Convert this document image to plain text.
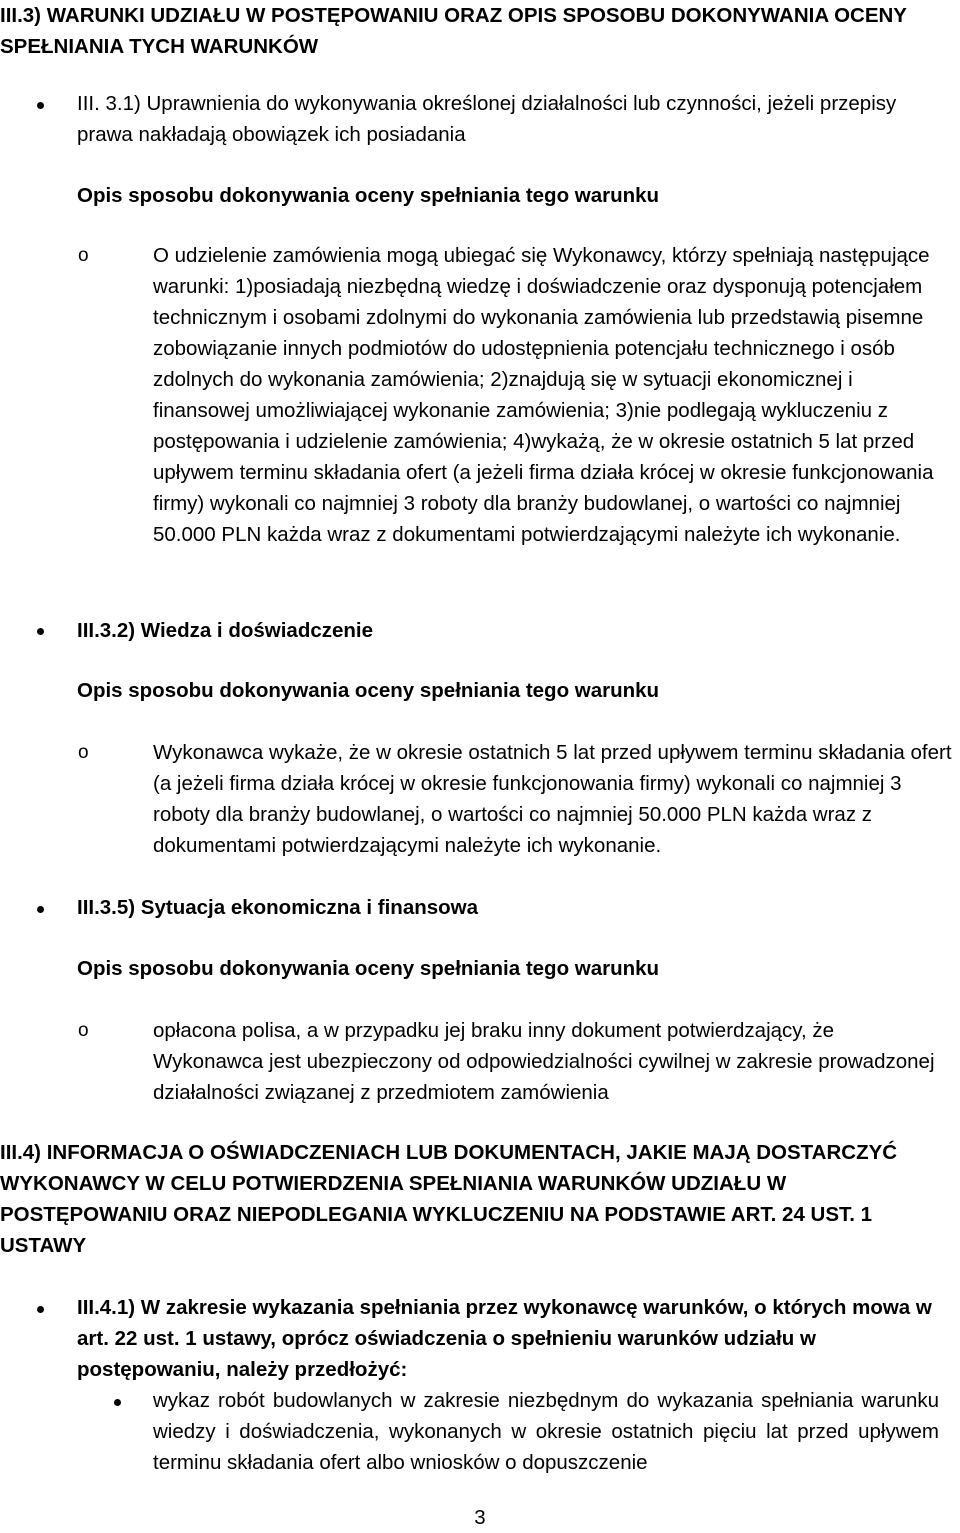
III.3) WARUNKI UDZIAŁU W POSTĘPOWANIU ORAZ OPIS SPOSOBU DOKONYWANIA OCENY SPEŁNIANIA TYCH WARUNKÓW
III. 3.1) Uprawnienia do wykonywania określonej działalności lub czynności, jeżeli przepisy prawa nakładają obowiązek ich posiadania
Opis sposobu dokonywania oceny spełniania tego warunku
o	O udzielenie zamówienia mogą ubiegać się Wykonawcy, którzy spełniają następujące warunki: 1)posiadają niezbędną wiedzę i doświadczenie oraz dysponują potencjałem technicznym i osobami zdolnymi do wykonania zamówienia lub przedstawią pisemne zobowiązanie innych podmiotów do udostępnienia potencjału technicznego i osób zdolnych do wykonania zamówienia; 2)znajdują się w sytuacji ekonomicznej i finansowej umożliwiającej wykonanie zamówienia; 3)nie podlegają wykluczeniu z postępowania i udzielenie zamówienia; 4)wykażą, że w okresie ostatnich 5 lat przed upływem terminu składania ofert (a jeżeli firma działa krócej w okresie funkcjonowania firmy) wykonali co najmniej 3 roboty dla branży budowlanej, o wartości co najmniej 50.000 PLN każda wraz z dokumentami potwierdzającymi należyte ich wykonanie.
III.3.2) Wiedza i doświadczenie
Opis sposobu dokonywania oceny spełniania tego warunku
o	Wykonawca wykaże, że w okresie ostatnich 5 lat przed upływem terminu składania ofert (a jeżeli firma działa krócej w okresie funkcjonowania firmy) wykonali co najmniej 3 roboty dla branży budowlanej, o wartości co najmniej 50.000 PLN każda wraz z dokumentami potwierdzającymi należyte ich wykonanie.
III.3.5) Sytuacja ekonomiczna i finansowa
Opis sposobu dokonywania oceny spełniania tego warunku
o	opłacona polisa, a w przypadku jej braku inny dokument potwierdzający, że Wykonawca jest ubezpieczony od odpowiedzialności cywilnej w zakresie prowadzonej działalności związanej z przedmiotem zamówienia
III.4) INFORMACJA O OŚWIADCZENIACH LUB DOKUMENTACH, JAKIE MAJĄ DOSTARCZYĆ WYKONAWCY W CELU POTWIERDZENIA SPEŁNIANIA WARUNKÓW UDZIAŁU W POSTĘPOWANIU ORAZ NIEPODLEGANIA WYKLUCZENIU NA PODSTAWIE ART. 24 UST. 1 USTAWY
III.4.1) W zakresie wykazania spełniania przez wykonawcę warunków, o których mowa w art. 22 ust. 1 ustawy, oprócz oświadczenia o spełnieniu warunków udziału w postępowaniu, należy przedłożyć:
wykaz robót budowlanych w zakresie niezbędnym do wykazania spełniania warunku wiedzy i doświadczenia, wykonanych w okresie ostatnich pięciu lat przed upływem terminu składania ofert albo wniosków o dopuszczenie
3
